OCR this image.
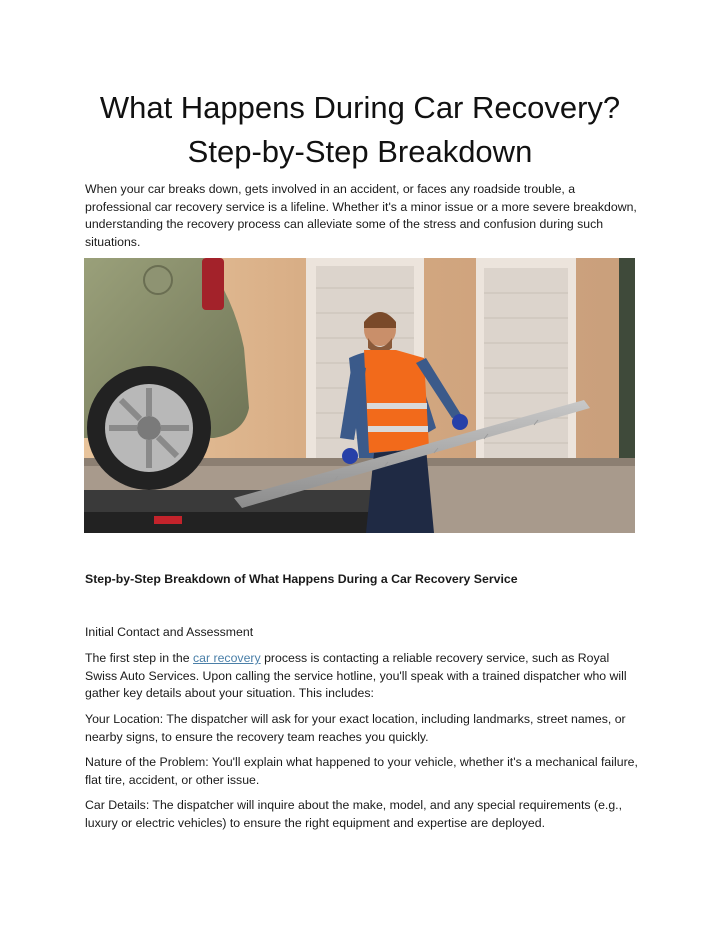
What Happens During Car Recovery?
Step-by-Step Breakdown

When your car breaks down, gets involved in an accident, or faces any roadside trouble, a professional car recovery service is a lifeline. Whether it's a minor issue or a more severe breakdown, understanding the recovery process can alleviate some of the stress and confusion during such situations.

Step-by-Step Breakdown of What Happens During a Car Recovery Service

Initial Contact and Assessment

The first step in the car recovery process is contacting a reliable recovery service, such as Royal Swiss Auto Services. Upon calling the service hotline, you'll speak with a trained dispatcher who will gather key details about your situation. This includes:

Your Location: The dispatcher will ask for your exact location, including landmarks, street names, or nearby signs, to ensure the recovery team reaches you quickly.

Nature of the Problem: You'll explain what happened to your vehicle, whether it's a mechanical failure, flat tire, accident, or other issue.

Car Details: The dispatcher will inquire about the make, model, and any special requirements (e.g., luxury or electric vehicles) to ensure the right equipment and expertise are deployed.
